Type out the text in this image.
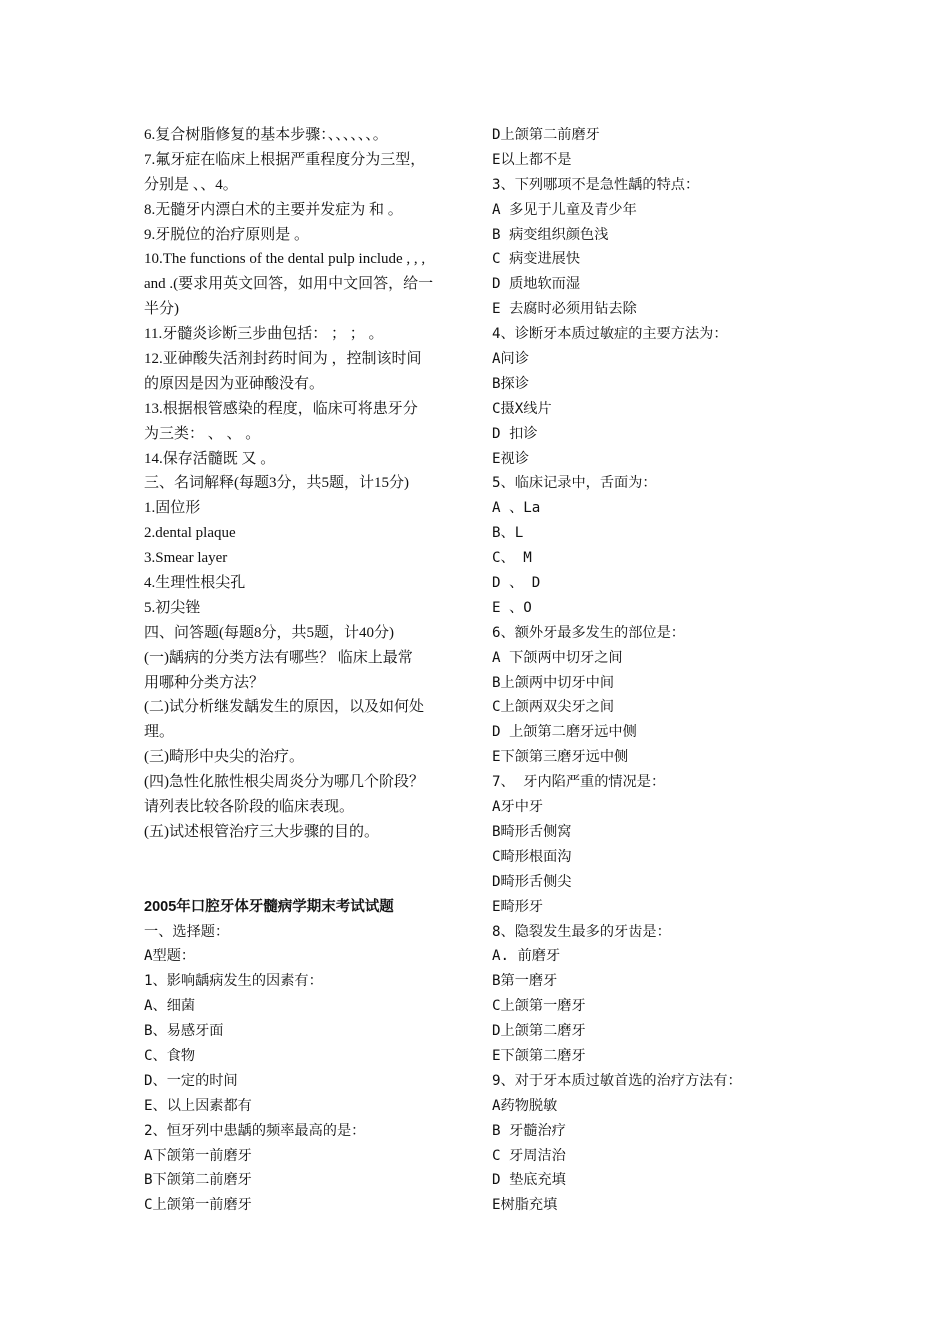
6.复合树脂修复的基本步骤：、、、、、、。
7.氟牙症在临床上根据严重程度分为三型，
分别是 、、4。
8.无髓牙内漂白术的主要并发症为 和 。
9.牙脱位的治疗原则是 。
10.The functions of the dental pulp include , , ,
and .(要求用英文回答，如用中文回答，给一
半分)
11.牙髓炎诊断三步曲包括： ； ； 。
12.亚砷酸失活剂封药时间为 ，控制该时间
的原因是因为亚砷酸没有。
13.根据根管感染的程度，临床可将患牙分
为三类： 、 、 。
14.保存活髓既 又 。
三、名词解释(每题3分，共5题，计15分)
1.固位形
2.dental plaque
3.Smear layer
4.生理性根尖孔
5.初尖锉
四、问答题(每题8分，共5题，计40分)
(一)龋病的分类方法有哪些？ 临床上最常
用哪种分类方法？
(二)试分析继发龋发生的原因，以及如何处
理。
(三)畸形中央尖的治疗。
(四)急性化脓性根尖周炎分为哪几个阶段？
请列表比较各阶段的临床表现。
(五)试述根管治疗三大步骤的目的。
2005年口腔牙体牙髓病学期末考试试题
一、选择题：
A型题：
1、影响龋病发生的因素有：
A、细菌
B、易感牙面
C、食物
D、一定的时间
E、以上因素都有
2、恒牙列中患龋的频率最高的是：
A下颌第一前磨牙
B下颌第二前磨牙
C上颌第一前磨牙
D上颌第二前磨牙
E以上都不是
3、下列哪项不是急性龋的特点：
A 多见于儿童及青少年
B 病变组织颜色浅
C 病变进展快
D 质地软而湿
E 去腐时必须用钻去除
4、诊断牙本质过敏症的主要方法为：
A问诊
B探诊
C摄X线片
D 扣诊
E视诊
5、临床记录中，舌面为：
A 、La
B、L
C、 M
D 、 D
E 、O
6、额外牙最多发生的部位是：
A 下颌两中切牙之间
B上颌两中切牙中间
C上颌两双尖牙之间
D 上颌第二磨牙远中侧
E下颌第三磨牙远中侧
7、 牙内陷严重的情况是：
A牙中牙
B畸形舌侧窝
C畸形根面沟
D畸形舌侧尖
E畸形牙
8、隐裂发生最多的牙齿是：
A. 前磨牙
B第一磨牙
C上颌第一磨牙
D上颌第二磨牙
E下颌第二磨牙
9、对于牙本质过敏首选的治疗方法有：
A药物脱敏
B 牙髓治疗
C 牙周洁治
D 垫底充填
E树脂充填
